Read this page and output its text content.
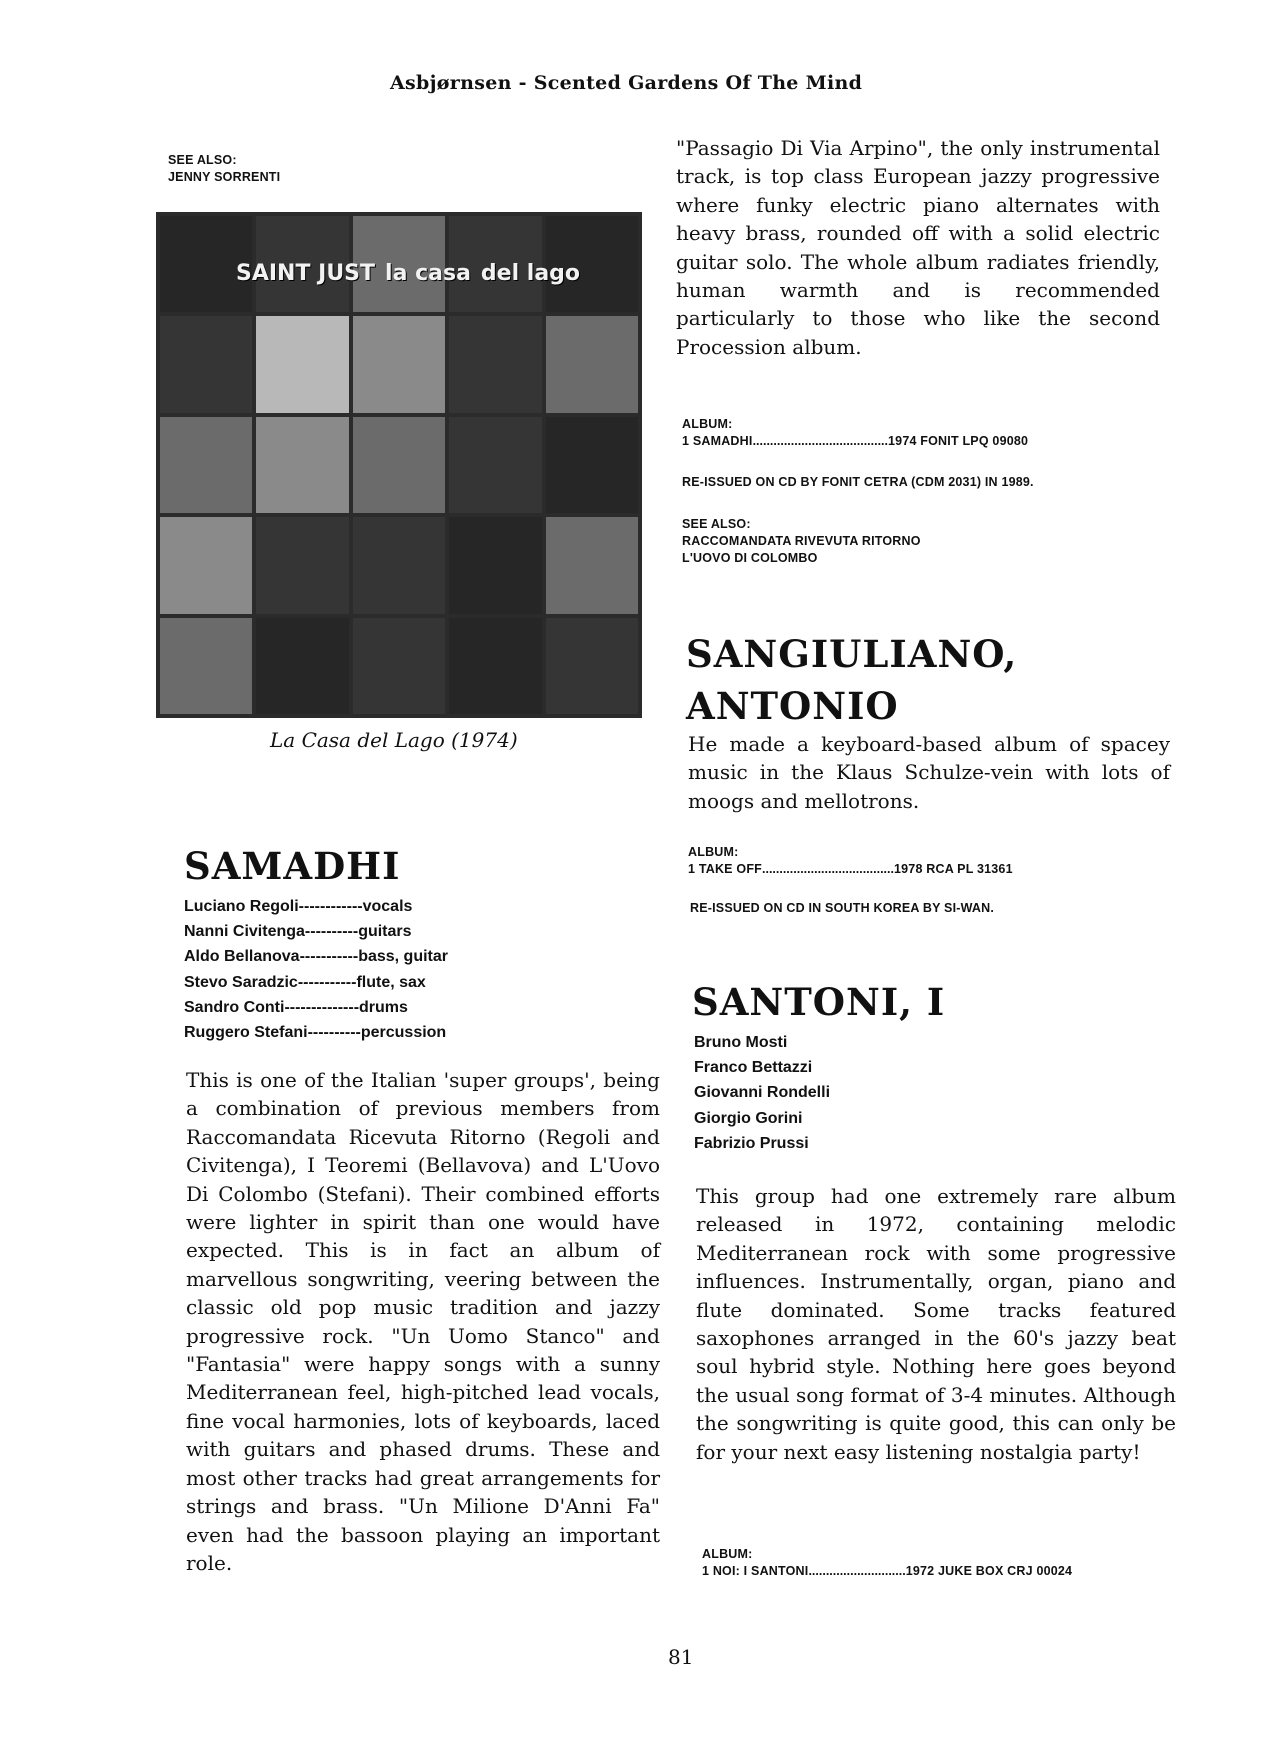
Asbjørnsen - Scented Gardens Of The Mind
SEE ALSO:
JENNY SORRENTI
SAINT JUST la casa del lago
La Casa del Lago (1974)
"Passagio Di Via Arpino", the only instrumental track, is top class European jazzy progressive where funky electric piano alternates with heavy brass, rounded off with a solid electric guitar solo. The whole album radiates friendly, human warmth and is recommended particularly to those who like the second Procession album.
ALBUM:
1 SAMADHI.......................................1974 FONIT LPQ 09080
RE-ISSUED ON CD BY FONIT CETRA (CDM 2031) IN 1989.
SEE ALSO:
RACCOMANDATA RIVEVUTA RITORNO
L'UOVO DI COLOMBO
SANGIULIANO,
ANTONIO
He made a keyboard-based album of spacey music in the Klaus Schulze-vein with lots of moogs and mellotrons.
ALBUM:
1 TAKE OFF......................................1978 RCA PL 31361
RE-ISSUED ON CD IN SOUTH KOREA BY SI-WAN.
SANTONI, I
Bruno Mosti
Franco Bettazzi
Giovanni Rondelli
Giorgio Gorini
Fabrizio Prussi
This group had one extremely rare album released in 1972, containing melodic Mediterranean rock with some progressive influences. Instrumentally, organ, piano and flute dominated. Some tracks featured saxophones arranged in the 60's jazzy beat soul hybrid style. Nothing here goes beyond the usual song format of 3-4 minutes. Although the songwriting is quite good, this can only be for your next easy listening nostalgia party!
ALBUM:
1 NOI: I SANTONI............................1972 JUKE BOX CRJ 00024
SAMADHI
Luciano Regoli------------vocals
Nanni Civitenga----------guitars
Aldo Bellanova-----------bass, guitar
Stevo Saradzic-----------flute, sax
Sandro Conti--------------drums
Ruggero Stefani----------percussion
This is one of the Italian 'super groups', being a combination of previous members from Raccomandata Ricevuta Ritorno (Regoli and Civitenga), I Teoremi (Bellavova) and L'Uovo Di Colombo (Stefani). Their combined efforts were lighter in spirit than one would have expected. This is in fact an album of marvellous songwriting, veering between the classic old pop music tradition and jazzy progressive rock. "Un Uomo Stanco" and "Fantasia" were happy songs with a sunny Mediterranean feel, high-pitched lead vocals, fine vocal harmonies, lots of keyboards, laced with guitars and phased drums. These and most other tracks had great arrangements for strings and brass. "Un Milione D'Anni Fa" even had the bassoon playing an important role.
81
